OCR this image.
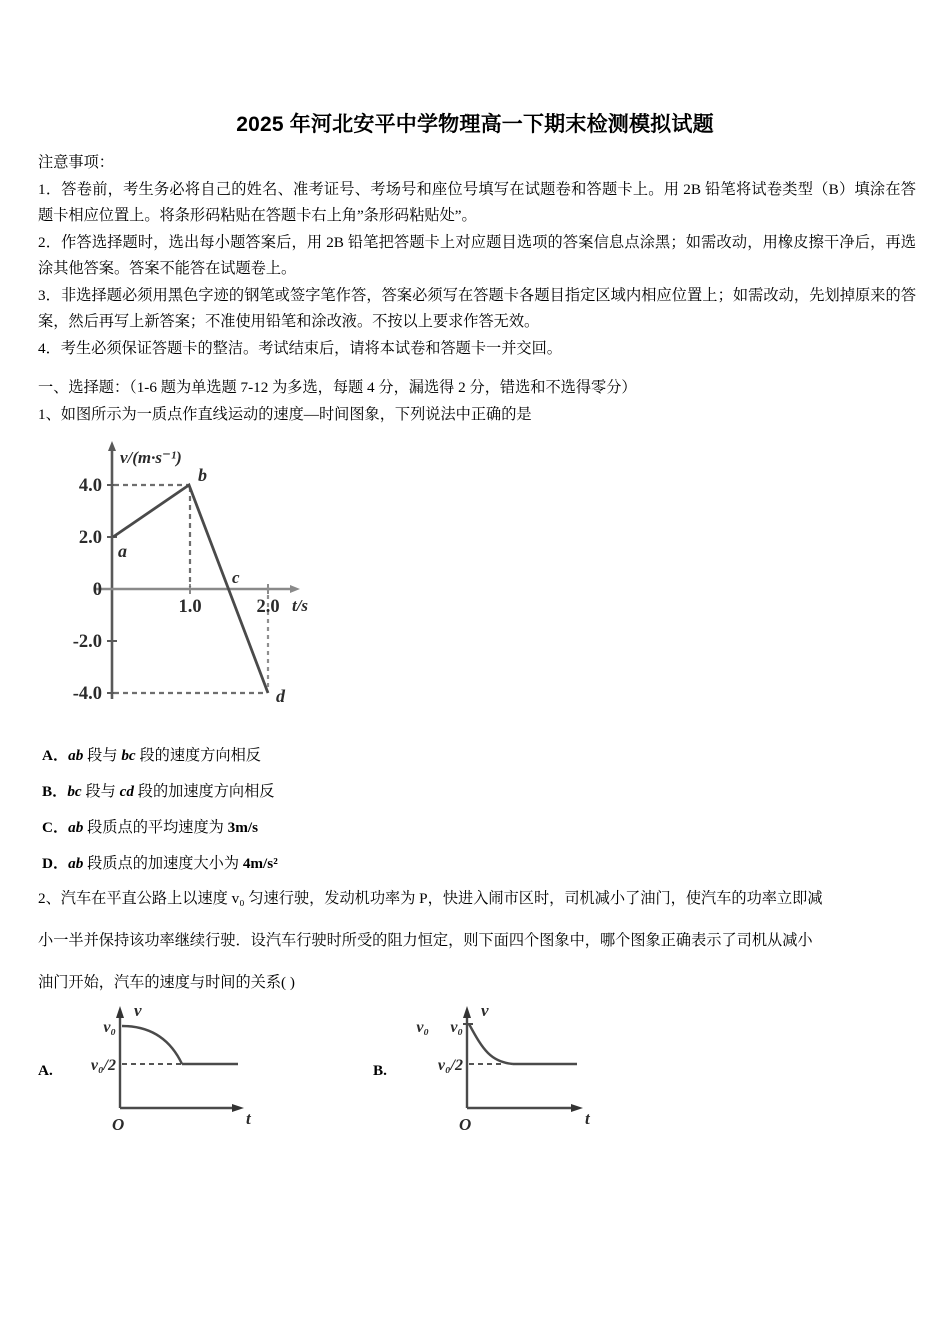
2025 年河北安平中学物理高一下期末检测模拟试题
注意事项：
1．答卷前，考生务必将自己的姓名、准考证号、考场号和座位号填写在试题卷和答题卡上。用 2B 铅笔将试卷类型（B）填涂在答题卡相应位置上。将条形码粘贴在答题卡右上角”条形码粘贴处”。
2．作答选择题时，选出每小题答案后，用 2B 铅笔把答题卡上对应题目选项的答案信息点涂黑；如需改动，用橡皮擦干净后，再选涂其他答案。答案不能答在试题卷上。
3．非选择题必须用黑色字迹的钢笔或签字笔作答，答案必须写在答题卡各题目指定区域内相应位置上；如需改动，先划掉原来的答案，然后再写上新答案；不准使用铅笔和涂改液。不按以上要求作答无效。
4．考生必须保证答题卡的整洁。考试结束后，请将本试卷和答题卡一并交回。
一、选择题：（1-6 题为单选题 7-12 为多选，每题 4 分，漏选得 2 分，错选和不选得零分）
1、如图所示为一质点作直线运动的速度—时间图象，下列说法中正确的是
4.0
2.0
0
-2.0
-4.0
1.0	2.0
v/(m·s⁻¹)
t/s
a
b
c
d
A．ab 段与 bc 段的速度方向相反
B．bc 段与 cd 段的加速度方向相反
C．ab 段质点的平均速度为 3m/s
D．ab 段质点的加速度大小为 4m/s²
2、汽车在平直公路上以速度 v₀ 匀速行驶，发动机功率为 P，快进入闹市区时，司机减小了油门，使汽车的功率立即减
小一半并保持该功率继续行驶．设汽车行驶时所受的阻力恒定，则下面四个图象中，哪个图象正确表示了司机从减小
油门开始，汽车的速度与时间的关系( )
A.
v
v₀
v₀/2
O	t
B.
v
v₀ v₀
v₀/2
O	t
